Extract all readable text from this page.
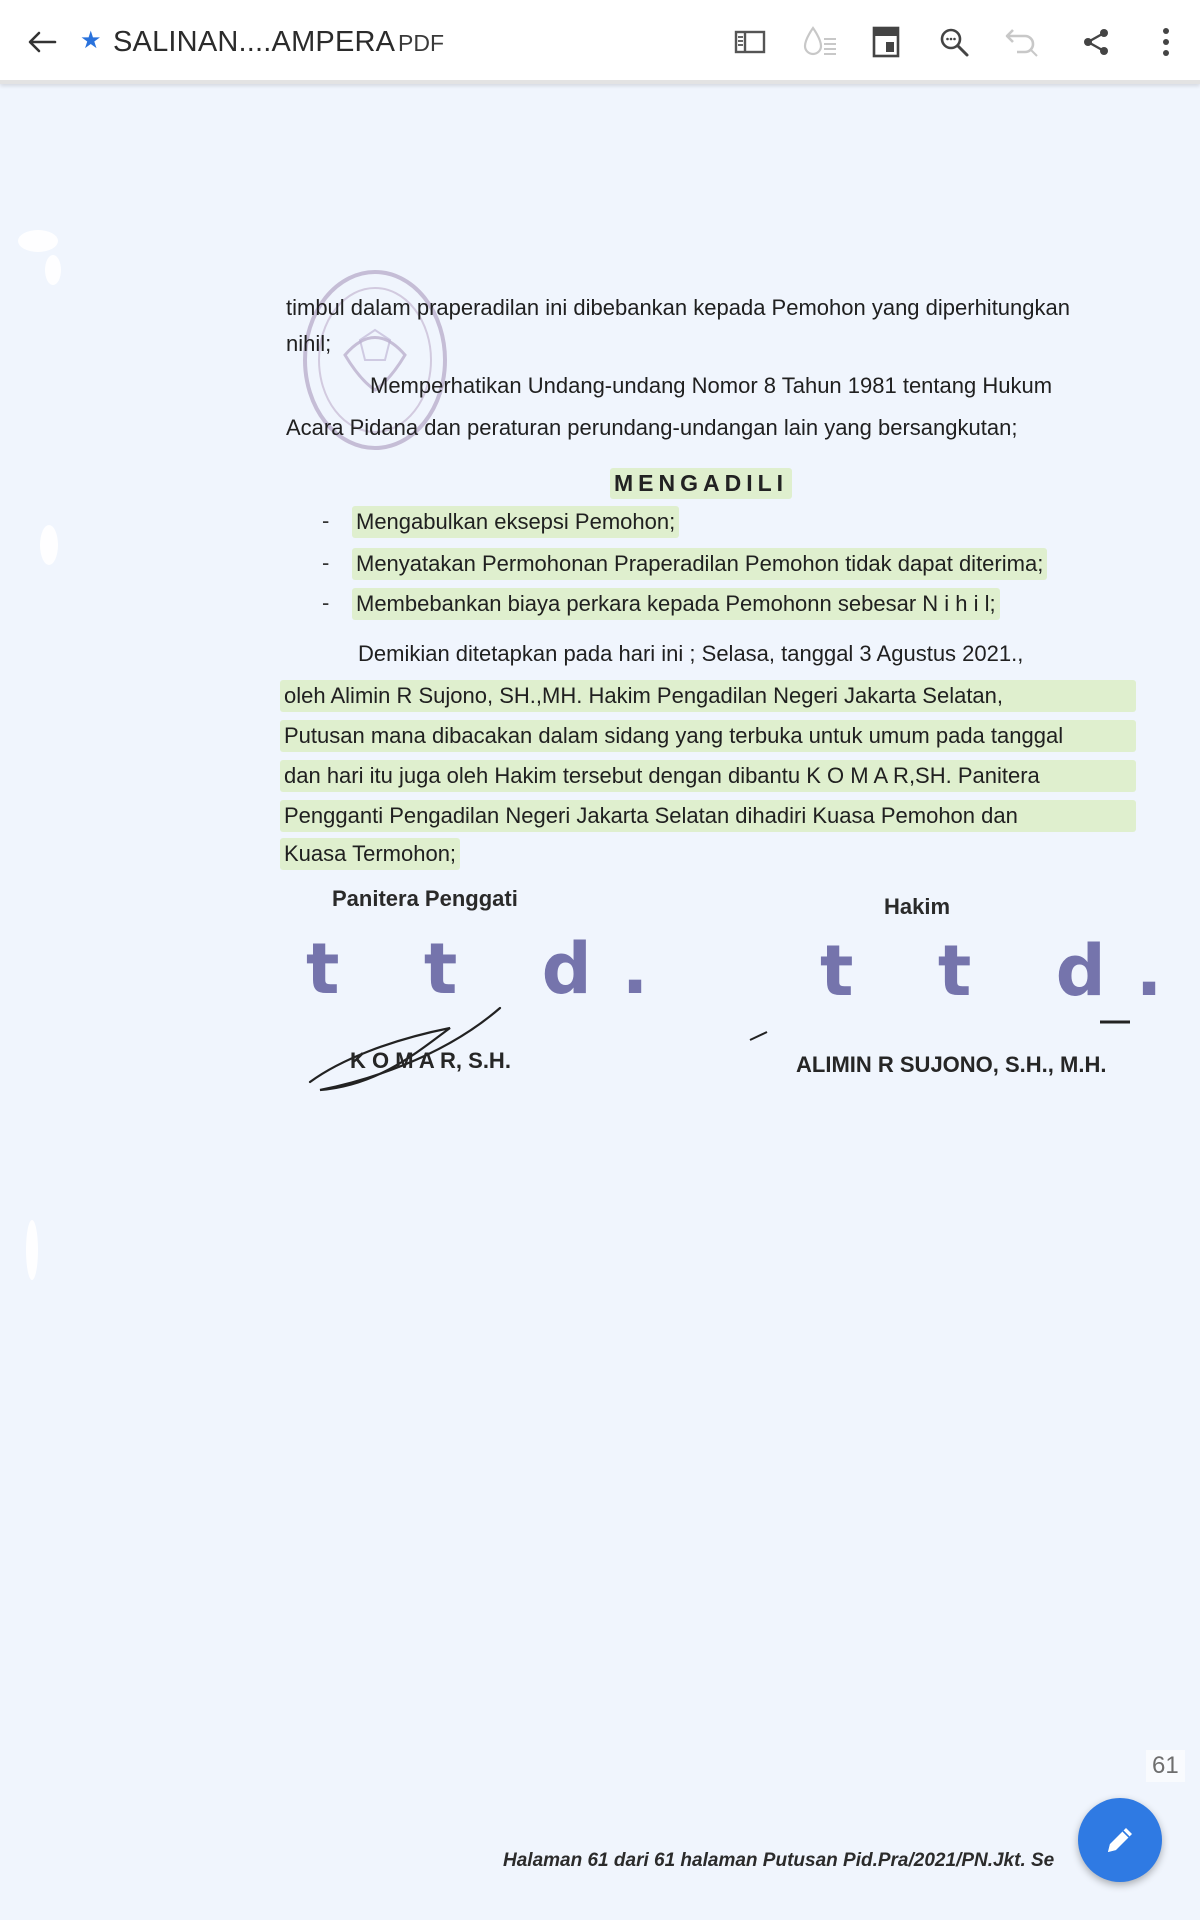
★ SALINAN....AMPERA PDF
timbul dalam praperadilan ini dibebankan kepada Pemohon yang diperhitungkan
nihil;
Memperhatikan Undang-undang Nomor 8 Tahun 1981 tentang Hukum
Acara Pidana dan peraturan perundang-undangan lain yang bersangkutan;
MENGADILI
- Mengabulkan eksepsi Pemohon;
- Menyatakan Permohonan Praperadilan Pemohon tidak dapat diterima;
- Membebankan biaya perkara kepada Pemohonn sebesar N i h i l;
Demikian ditetapkan pada hari ini ; Selasa, tanggal 3 Agustus 2021.,
oleh Alimin R Sujono, SH.,MH. Hakim Pengadilan Negeri Jakarta Selatan,
Putusan mana dibacakan dalam sidang yang terbuka untuk umum pada tanggal
dan hari itu juga oleh Hakim tersebut dengan dibantu K O M A R,SH. Panitera
Pengganti Pengadilan Negeri Jakarta Selatan dihadiri Kuasa Pemohon dan
Kuasa Termohon;
Panitera Penggati	Hakim
t t d. t t d.
K O M A R, S.H.	ALIMIN R SUJONO, S.H., M.H.
Halaman 61 dari 61 halaman Putusan Pid.Pra/2021/PN.Jkt. Se
61
